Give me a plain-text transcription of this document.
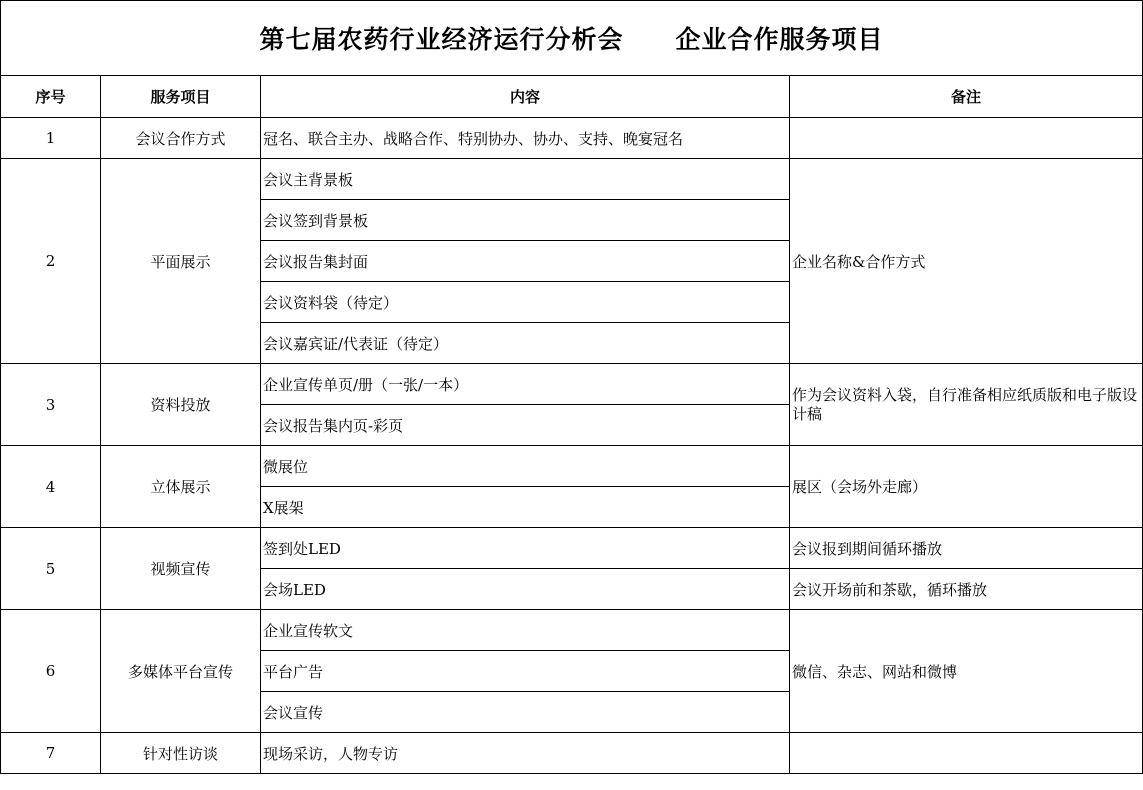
第七届农药行业经济运行分析会　　企业合作服务项目
序号	服务项目	内容	备注
1	会议合作方式	冠名、联合主办、战略合作、特别协办、协办、支持、晚宴冠名	
2	平面展示	会议主背景板	企业名称&合作方式
		会议签到背景板	
		会议报告集封面	
		会议资料袋（待定）	
		会议嘉宾证/代表证（待定）	
3	资料投放	企业宣传单页/册（一张/一本）	作为会议资料入袋，自行准备相应纸质版和电子版设计稿
		会议报告集内页-彩页	
4	立体展示	微展位	展区（会场外走廊）
		X展架	
5	视频宣传	签到处LED	会议报到期间循环播放
		会场LED	会议开场前和茶歇，循环播放
6	多媒体平台宣传	企业宣传软文	微信、杂志、网站和微博
		平台广告	
		会议宣传	
7	针对性访谈	现场采访，人物专访	
